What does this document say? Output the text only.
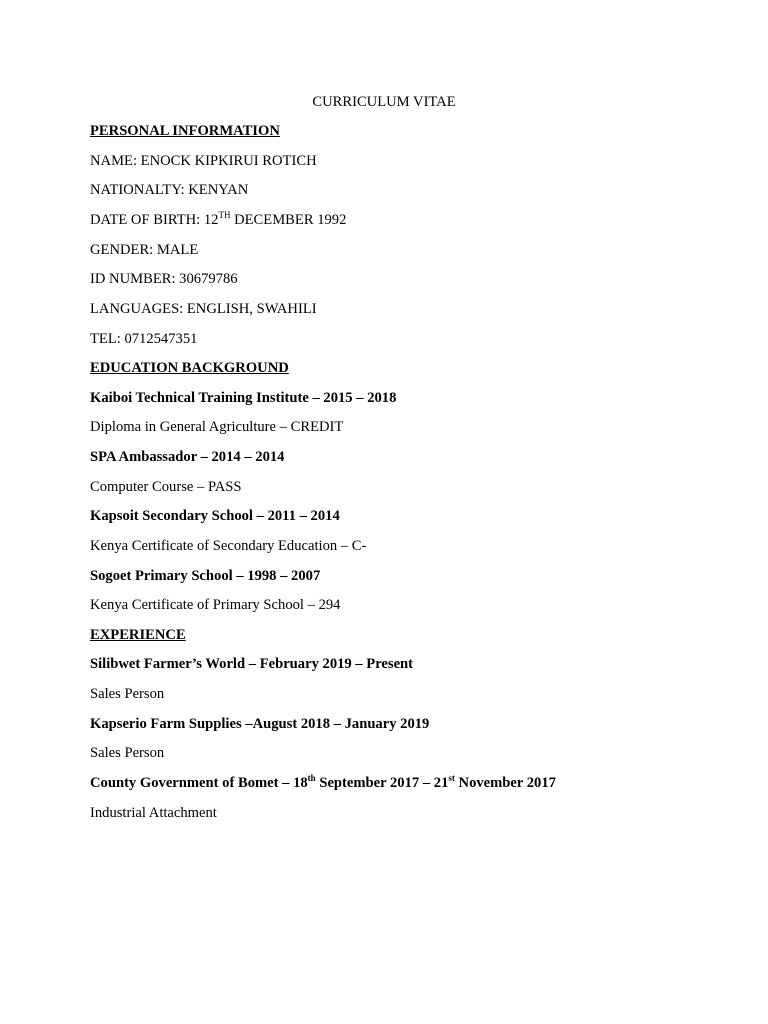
CURRICULUM VITAE
PERSONAL INFORMATION
NAME: ENOCK KIPKIRUI ROTICH
NATIONALTY: KENYAN
DATE OF BIRTH: 12TH DECEMBER 1992
GENDER: MALE
ID NUMBER: 30679786
LANGUAGES: ENGLISH, SWAHILI
TEL: 0712547351
EDUCATION BACKGROUND
Kaiboi Technical Training Institute – 2015 – 2018
Diploma in General Agriculture – CREDIT
SPA Ambassador – 2014 – 2014
Computer Course – PASS
Kapsoit Secondary School – 2011 – 2014
Kenya Certificate of Secondary Education – C-
Sogoet Primary School – 1998 – 2007
Kenya Certificate of Primary School – 294
EXPERIENCE
Silibwet Farmer’s World – February 2019 – Present
Sales Person
Kapserio Farm Supplies –August 2018 – January 2019
Sales Person
County Government of Bomet – 18th September 2017 – 21st November 2017
Industrial Attachment
